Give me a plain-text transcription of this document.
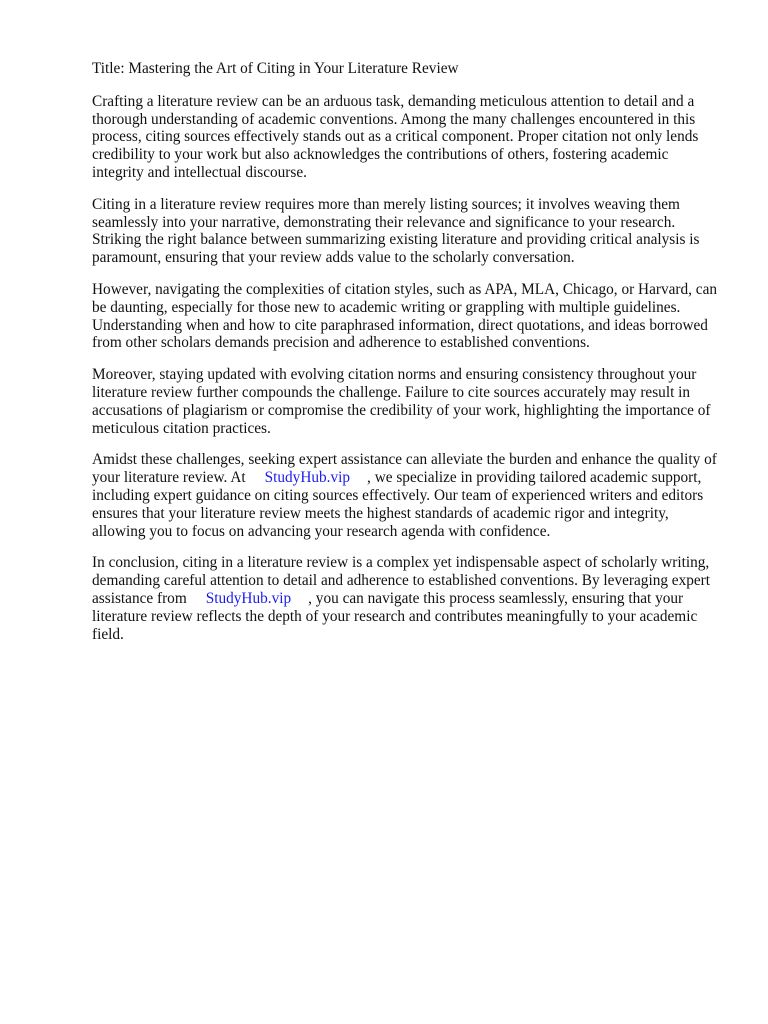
Title: Mastering the Art of Citing in Your Literature Review

Crafting a literature review can be an arduous task, demanding meticulous attention to detail and a thorough understanding of academic conventions. Among the many challenges encountered in this process, citing sources effectively stands out as a critical component. Proper citation not only lends credibility to your work but also acknowledges the contributions of others, fostering academic integrity and intellectual discourse.

Citing in a literature review requires more than merely listing sources; it involves weaving them seamlessly into your narrative, demonstrating their relevance and significance to your research. Striking the right balance between summarizing existing literature and providing critical analysis is paramount, ensuring that your review adds value to the scholarly conversation.

However, navigating the complexities of citation styles, such as APA, MLA, Chicago, or Harvard, can be daunting, especially for those new to academic writing or grappling with multiple guidelines. Understanding when and how to cite paraphrased information, direct quotations, and ideas borrowed from other scholars demands precision and adherence to established conventions.

Moreover, staying updated with evolving citation norms and ensuring consistency throughout your literature review further compounds the challenge. Failure to cite sources accurately may result in accusations of plagiarism or compromise the credibility of your work, highlighting the importance of meticulous citation practices.

Amidst these challenges, seeking expert assistance can alleviate the burden and enhance the quality of your literature review. At StudyHub.vip , we specialize in providing tailored academic support, including expert guidance on citing sources effectively. Our team of experienced writers and editors ensures that your literature review meets the highest standards of academic rigor and integrity, allowing you to focus on advancing your research agenda with confidence.

In conclusion, citing in a literature review is a complex yet indispensable aspect of scholarly writing, demanding careful attention to detail and adherence to established conventions. By leveraging expert assistance from StudyHub.vip , you can navigate this process seamlessly, ensuring that your literature review reflects the depth of your research and contributes meaningfully to your academic field.
